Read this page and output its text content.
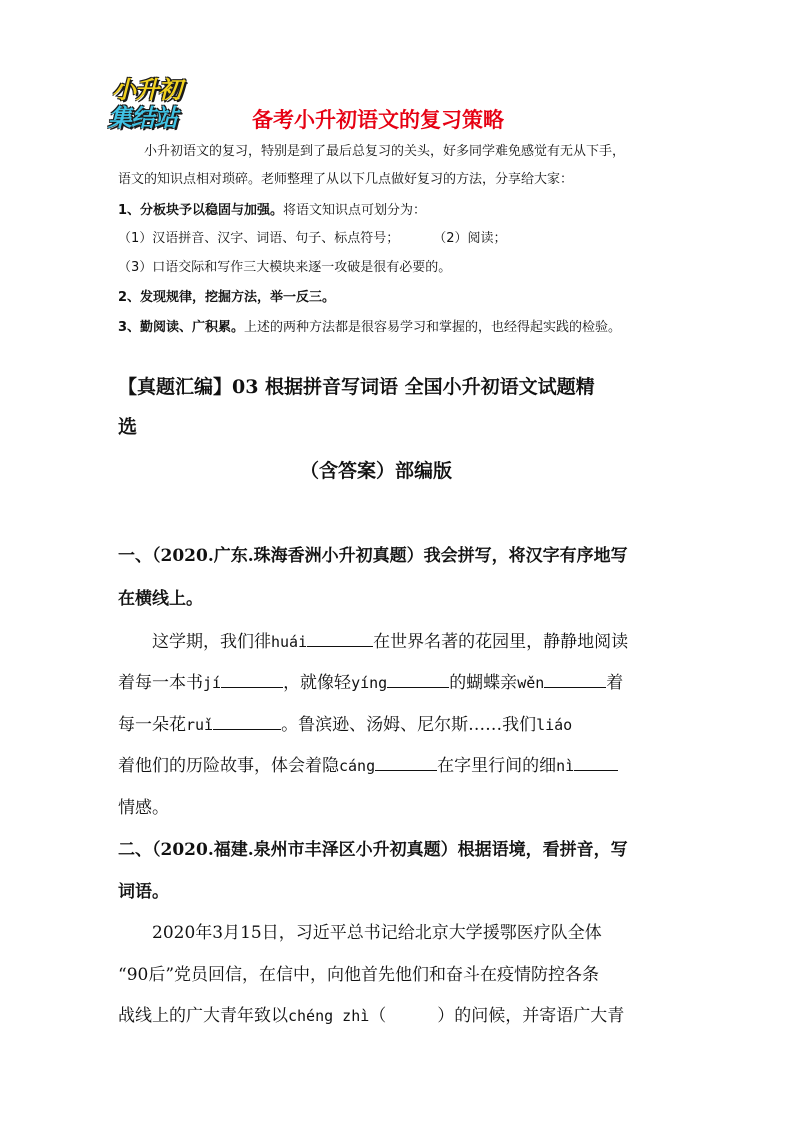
小升初
集结站	备考小升初语文的复习策略
小升初语文的复习，特别是到了最后总复习的关头，好多同学难免感觉有无从下手，
语文的知识点相对琐碎。老师整理了从以下几点做好复习的方法，分享给大家：
1、分板块予以稳固与加强。将语文知识点可划分为：
（1）汉语拼音、汉字、词语、句子、标点符号；	（2）阅读；
（3）口语交际和写作三大模块来逐一攻破是很有必要的。
2、发现规律，挖掘方法，举一反三。
3、勤阅读、广积累。上述的两种方法都是很容易学习和掌握的，也经得起实践的检验。
【真题汇编】03 根据拼音写词语 全国小升初语文试题精
选
（含答案）部编版
一、（2020.广东.珠海香洲小升初真题）我会拼写，将汉字有序地写
在横线上。
这学期，我们徘huái	在世界名著的花园里，静静地阅读
着每一本书jí	，就像轻yíng	的蝴蝶亲wěn	着
每一朵花ruǐ	。鲁滨逊、汤姆、尼尔斯……我们liáo
着他们的历险故事，体会着隐cáng	在字里行间的细nì
情感。
二、（2020.福建.泉州市丰泽区小升初真题）根据语境，看拼音，写
词语。
2020年3月15日，习近平总书记给北京大学援鄂医疗队全体
“90后”党员回信，在信中，向他首先他们和奋斗在疫情防控各条
战线上的广大青年致以chéng zhì（　　　）的问候，并寄语广大青
